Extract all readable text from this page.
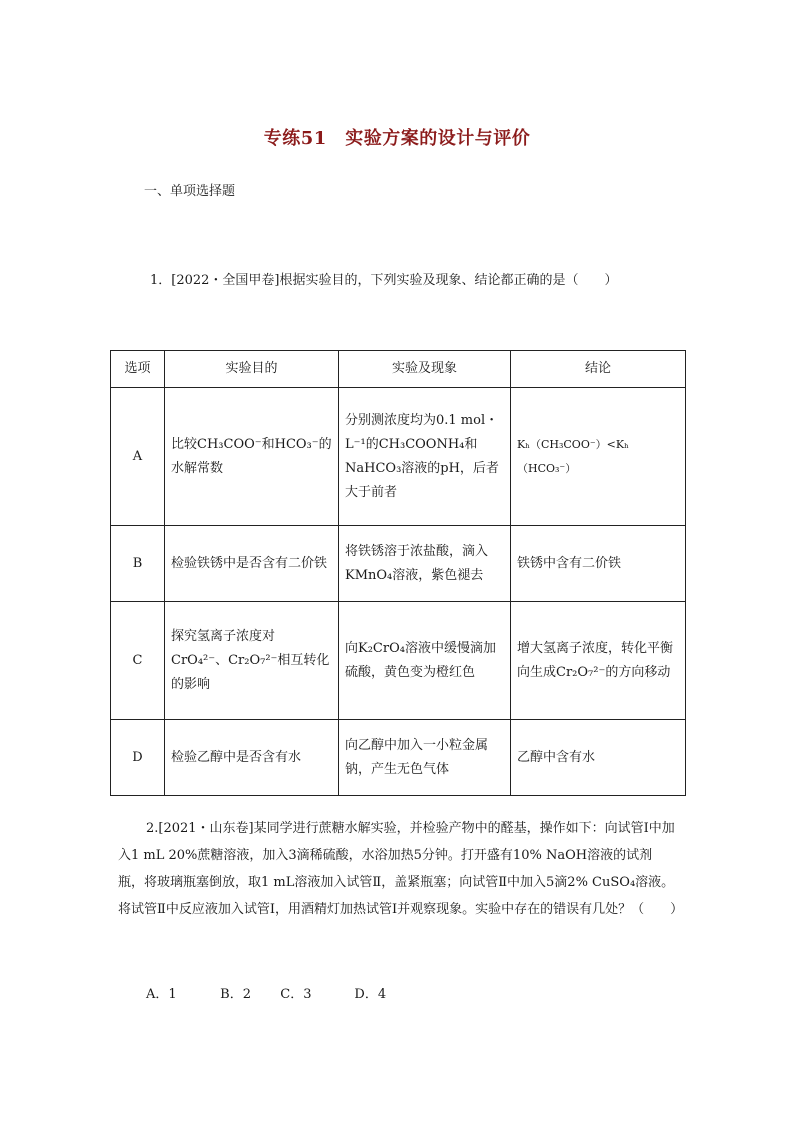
专练51　实验方案的设计与评价
一、单项选择题
1．[2022・全国甲卷]根据实验目的，下列实验及现象、结论都正确的是（　　）
选项	实验目的	实验及现象	结论
A	比较CH₃COO⁻和HCO₃⁻的水解常数	分别测浓度均为0.1 mol・L⁻¹的CH₃COONH₄和NaHCO₃溶液的pH，后者大于前者	Kₕ（CH₃COO⁻）<Kₕ（HCO₃⁻）
B	检验铁锈中是否含有二价铁	将铁锈溶于浓盐酸，滴入KMnO₄溶液，紫色褪去	铁锈中含有二价铁
C	探究氢离子浓度对CrO₄²⁻、Cr₂O₇²⁻相互转化的影响	向K₂CrO₄溶液中缓慢滴加硫酸，黄色变为橙红色	增大氢离子浓度，转化平衡向生成Cr₂O₇²⁻的方向移动
D	检验乙醇中是否含有水	向乙醇中加入一小粒金属钠，产生无色气体	乙醇中含有水
2.[2021・山东卷]某同学进行蔗糖水解实验，并检验产物中的醛基，操作如下：向试管Ⅰ中加入1 mL 20%蔗糖溶液，加入3滴稀硫酸，水浴加热5分钟。打开盛有10% NaOH溶液的试剂瓶，将玻璃瓶塞倒放，取1 mL溶液加入试管Ⅱ，盖紧瓶塞；向试管Ⅱ中加入5滴2% CuSO₄溶液。将试管Ⅱ中反应液加入试管Ⅰ，用酒精灯加热试管Ⅰ并观察现象。实验中存在的错误有几处？（　　）
A．1	B．2 C．3	D．4
